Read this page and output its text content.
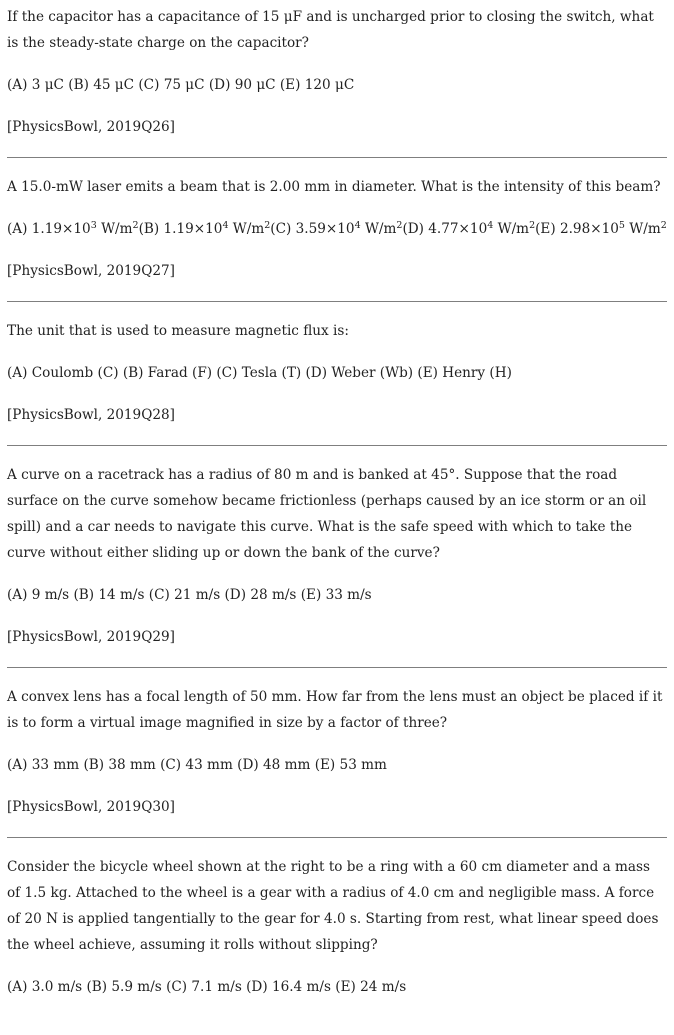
If the capacitor has a capacitance of 15 μF and is uncharged prior to closing the switch, what is the steady-state charge on the capacitor?

(A) 3 μC (B) 45 μC (C) 75 μC (D) 90 μC (E) 120 μC

[PhysicsBowl, 2019Q26]

A 15.0-mW laser emits a beam that is 2.00 mm in diameter. What is the intensity of this beam?

(A) $1.19\times 10^3$ $W/m^2(B)$ $1.19\times 10^4$ $W/m^2(C)$ $3.59\times 10^4$ $W/m^2(D)$ $4.77\times 10^4$ $W/m^2(E)$ $2.98\times 10^5$ $W/m^2$

[PhysicsBowl, 2019Q27]

The unit that is used to measure magnetic flux is:

(A) Coulomb (C) (B) Farad (F) (C) Tesla (T) (D) Weber (Wb) (E) Henry (H)

[PhysicsBowl, 2019Q28]

A curve on a racetrack has a radius of 80 m and is banked at 45°. Suppose that the road surface on the curve somehow became frictionless (perhaps caused by an ice storm or an oil spill) and a car needs to navigate this curve. What is the safe speed with which to take the curve without either sliding up or down the bank of the curve?

(A) 9 m/s (B) 14 m/s (C) 21 m/s (D) 28 m/s (E) 33 m/s

[PhysicsBowl, 2019Q29]

A convex lens has a focal length of 50 mm. How far from the lens must an object be placed if it is to form a virtual image magnified in size by a factor of three?

(A) 33 mm (B) 38 mm (C) 43 mm (D) 48 mm (E) 53 mm

[PhysicsBowl, 2019Q30]

Consider the bicycle wheel shown at the right to be a ring with a 60 cm diameter and a mass of 1.5 kg. Attached to the wheel is a gear with a radius of 4.0 cm and negligible mass. A force of 20 N is applied tangentially to the gear for 4.0 s. Starting from rest, what linear speed does the wheel achieve, assuming it rolls without slipping?

(A) 3.0 m/s (B) 5.9 m/s (C) 7.1 m/s (D) 16.4 m/s (E) 24 m/s
